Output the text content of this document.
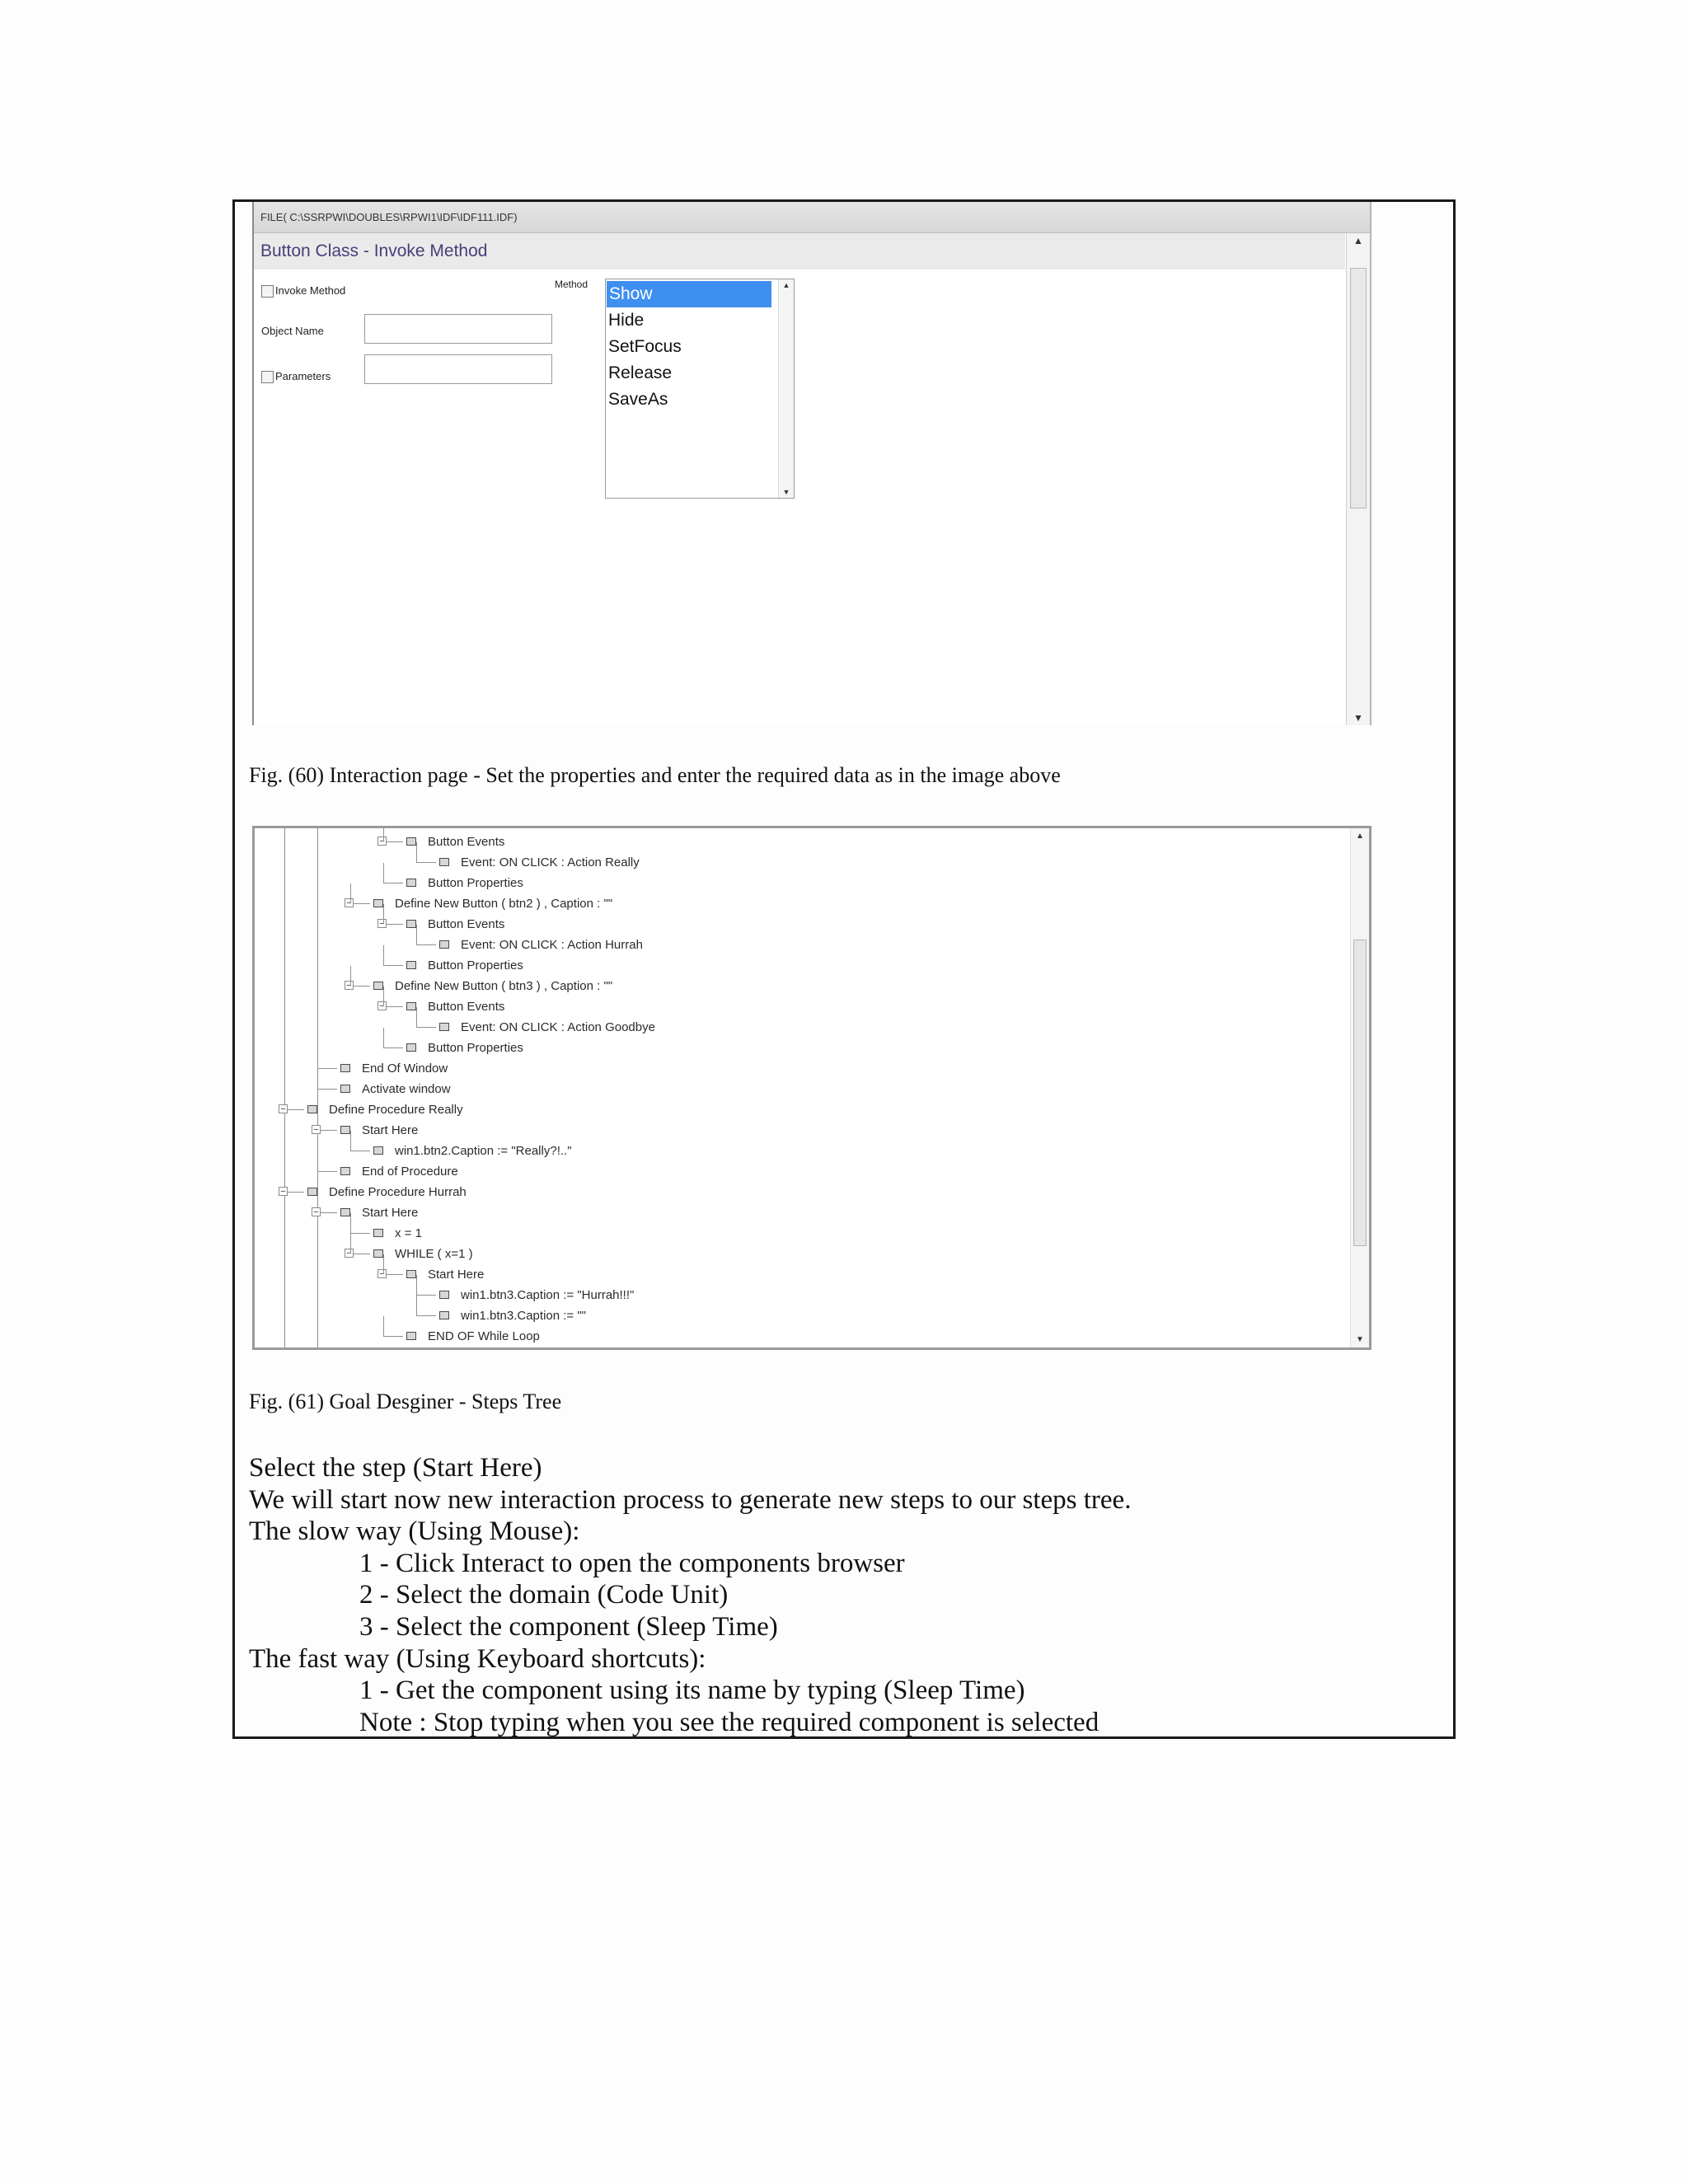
FILE( C:\SSRPWI\DOUBLES\RPWI1\IDF\IDF111.IDF)
Button Class - Invoke Method
▲
▼
Invoke Method
Object Name
Parameters
Method Show
Hide
SetFocus
Release
SaveAs
▲
▼
Fig. (60) Interaction page - Set the properties and enter the required data as in the image above
▲
▼
Button Events
−
Event: ON CLICK : Action Really
Button Properties
Define New Button ( btn2 ) , Caption : ""
−
Button Events
−
Event: ON CLICK : Action Hurrah
Button Properties
Define New Button ( btn3 ) , Caption : ""
−
Button Events
−
Event: ON CLICK : Action Goodbye
Button Properties
End Of Window
Activate window
Define Procedure Really
−
Start Here
−
win1.btn2.Caption := "Really?!.."
End of Procedure
Define Procedure Hurrah
−
Start Here
−
x = 1
WHILE ( x=1 )
−
Start Here
−
win1.btn3.Caption := "Hurrah!!!"
win1.btn3.Caption := ""
END OF While Loop
Fig. (61) Goal Desginer - Steps Tree
Select the step (Start Here)
We will start now new interaction process to generate new steps to our steps tree.
The slow way (Using Mouse):
1 - Click Interact to open the components browser
2 - Select the domain (Code Unit)
3 - Select the component (Sleep Time)
The fast way (Using Keyboard shortcuts):
1 - Get the component using its name by typing (Sleep Time)
Note : Stop typing when you see the required component is selected
